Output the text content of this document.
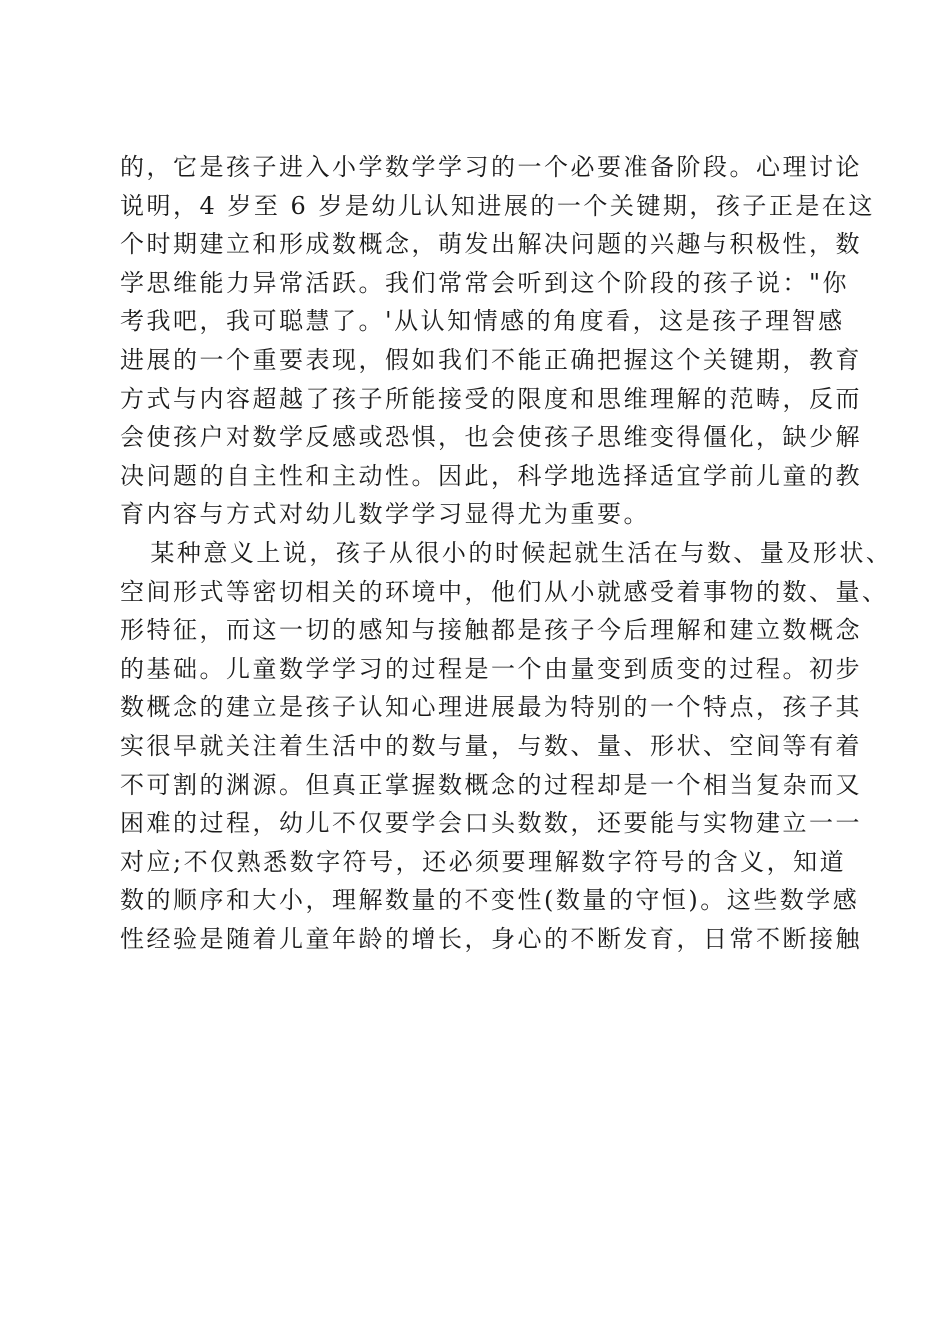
的，它是孩子进入小学数学学习的一个必要准备阶段。心理讨论
说明，4 岁至 6 岁是幼儿认知进展的一个关键期，孩子正是在这
个时期建立和形成数概念，萌发出解决问题的兴趣与积极性，数
学思维能力异常活跃。我们常常会听到这个阶段的孩子说："你
考我吧，我可聪慧了。'从认知情感的角度看，这是孩子理智感
进展的一个重要表现，假如我们不能正确把握这个关键期，教育
方式与内容超越了孩子所能接受的限度和思维理解的范畴，反而
会使孩户对数学反感或恐惧，也会使孩子思维变得僵化，缺少解
决问题的自主性和主动性。因此，科学地选择适宜学前儿童的教
育内容与方式对幼儿数学学习显得尤为重要。
某种意义上说，孩子从很小的时候起就生活在与数、量及形状、
空间形式等密切相关的环境中，他们从小就感受着事物的数、量、
形特征，而这一切的感知与接触都是孩子今后理解和建立数概念
的基础。儿童数学学习的过程是一个由量变到质变的过程。初步
数概念的建立是孩子认知心理进展最为特别的一个特点，孩子其
实很早就关注着生活中的数与量，与数、量、形状、空间等有着
不可割的渊源。但真正掌握数概念的过程却是一个相当复杂而又
困难的过程，幼儿不仅要学会口头数数，还要能与实物建立一一
对应;不仅熟悉数字符号，还必须要理解数字符号的含义，知道
数的顺序和大小，理解数量的不变性(数量的守恒)。这些数学感
性经验是随着儿童年龄的增长，身心的不断发育，日常不断接触
